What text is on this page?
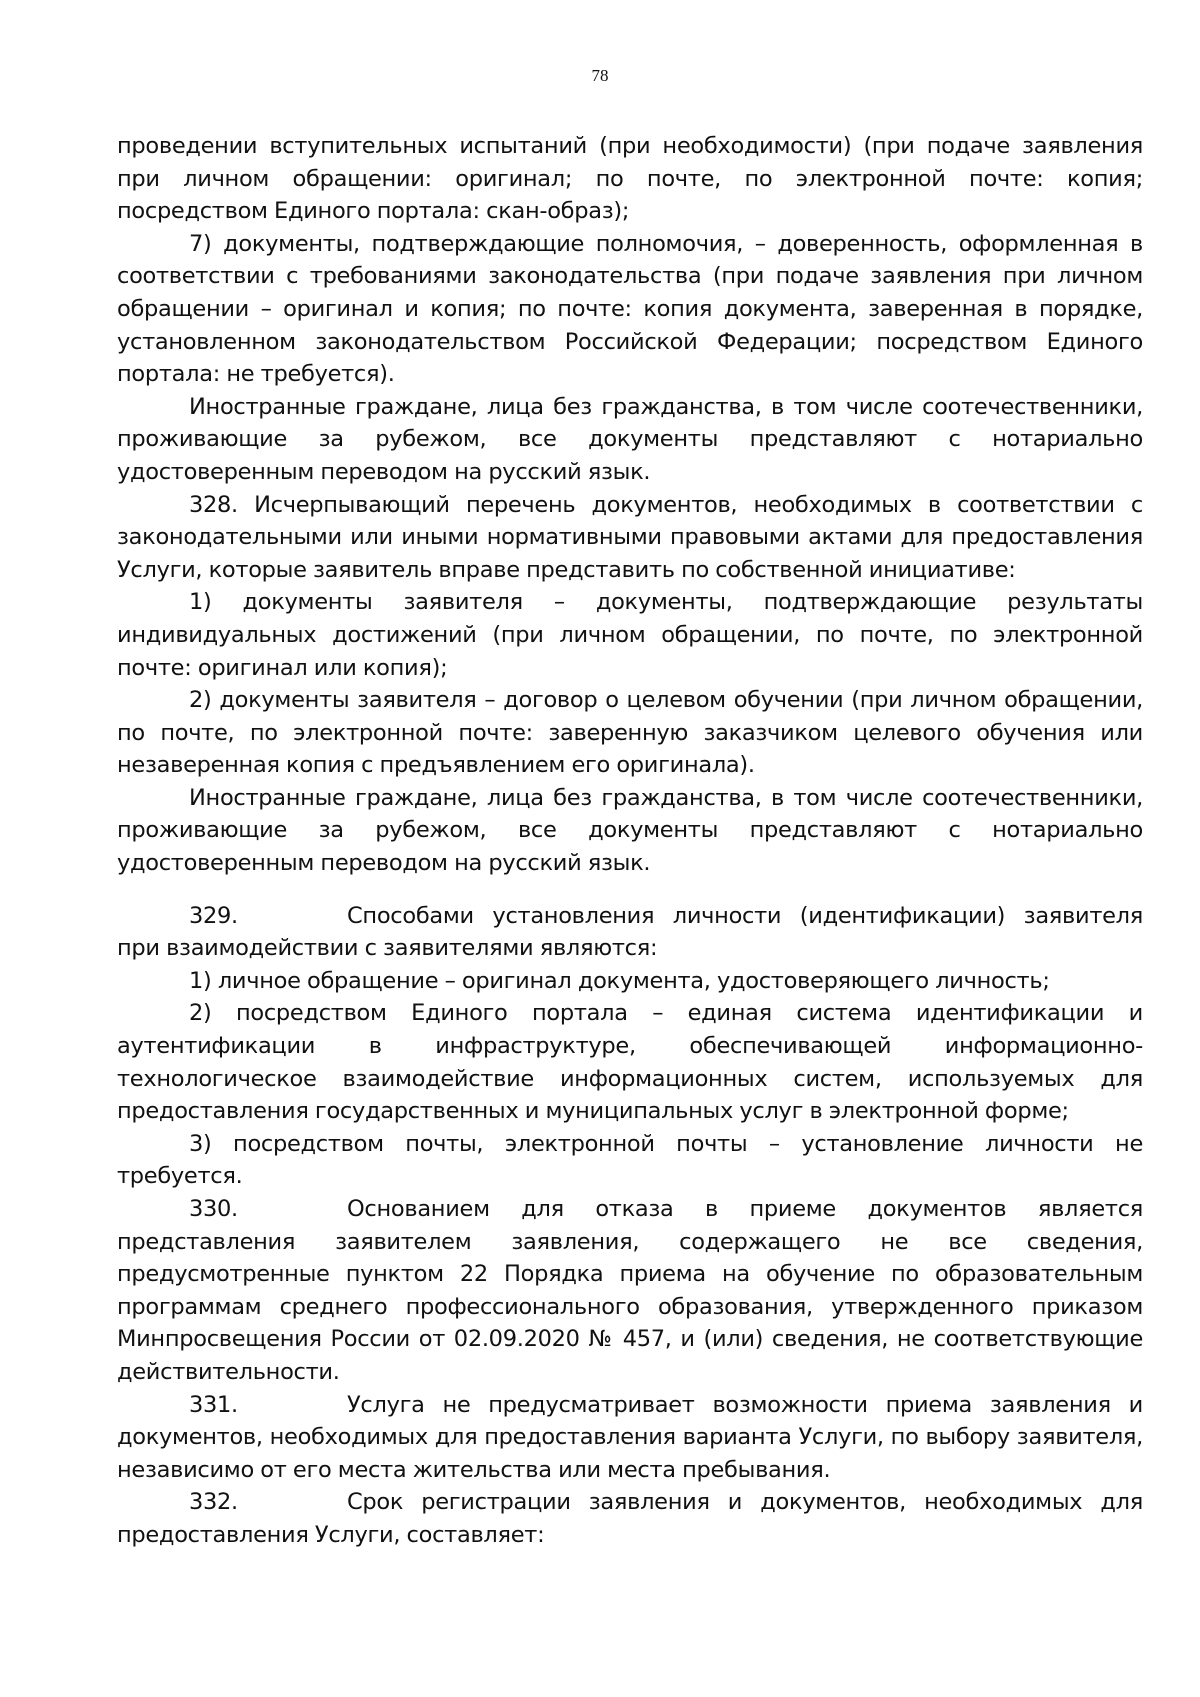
78

проведении вступительных испытаний (при необходимости) (при подаче заявления при личном обращении: оригинал; по почте, по электронной почте: копия; посредством Единого портала: скан-образ);

7) документы, подтверждающие полномочия, – доверенность, оформленная в соответствии с требованиями законодательства (при подаче заявления при личном обращении – оригинал и копия; по почте: копия документа, заверенная в порядке, установленном законодательством Российской Федерации; посредством Единого портала: не требуется).

Иностранные граждане, лица без гражданства, в том числе соотечественники, проживающие за рубежом, все документы представляют с нотариально удостоверенным переводом на русский язык.

328. Исчерпывающий перечень документов, необходимых в соответствии с законодательными или иными нормативными правовыми актами для предоставления Услуги, которые заявитель вправе представить по собственной инициативе:

1) документы заявителя – документы, подтверждающие результаты индивидуальных достижений (при личном обращении, по почте, по электронной почте: оригинал или копия);

2) документы заявителя – договор о целевом обучении (при личном обращении, по почте, по электронной почте: заверенную заказчиком целевого обучения или незаверенная копия с предъявлением его оригинала).

Иностранные граждане, лица без гражданства, в том числе соотечественники, проживающие за рубежом, все документы представляют с нотариально удостоверенным переводом на русский язык.

329.	Способами установления личности (идентификации) заявителя

при взаимодействии с заявителями являются:

1) личное обращение – оригинал документа, удостоверяющего личность;

2) посредством Единого портала – единая система идентификации и аутентификации в инфраструктуре, обеспечивающей информационно-технологическое взаимодействие информационных систем, используемых для предоставления государственных и муниципальных услуг в электронной форме;

3) посредством почты, электронной почты – установление личности не требуется.

330.	Основанием для отказа в приеме документов является

представления заявителем заявления, содержащего не все сведения, предусмотренные пунктом 22 Порядка приема на обучение по образовательным программам среднего профессионального образования, утвержденного приказом Минпросвещения России от 02.09.2020 № 457, и (или) сведения, не соответствующие действительности.

331.	Услуга не предусматривает возможности приема заявления и

документов, необходимых для предоставления варианта Услуги, по выбору заявителя, независимо от его места жительства или места пребывания.

332.	Срок регистрации заявления и документов, необходимых для

предоставления Услуги, составляет:
